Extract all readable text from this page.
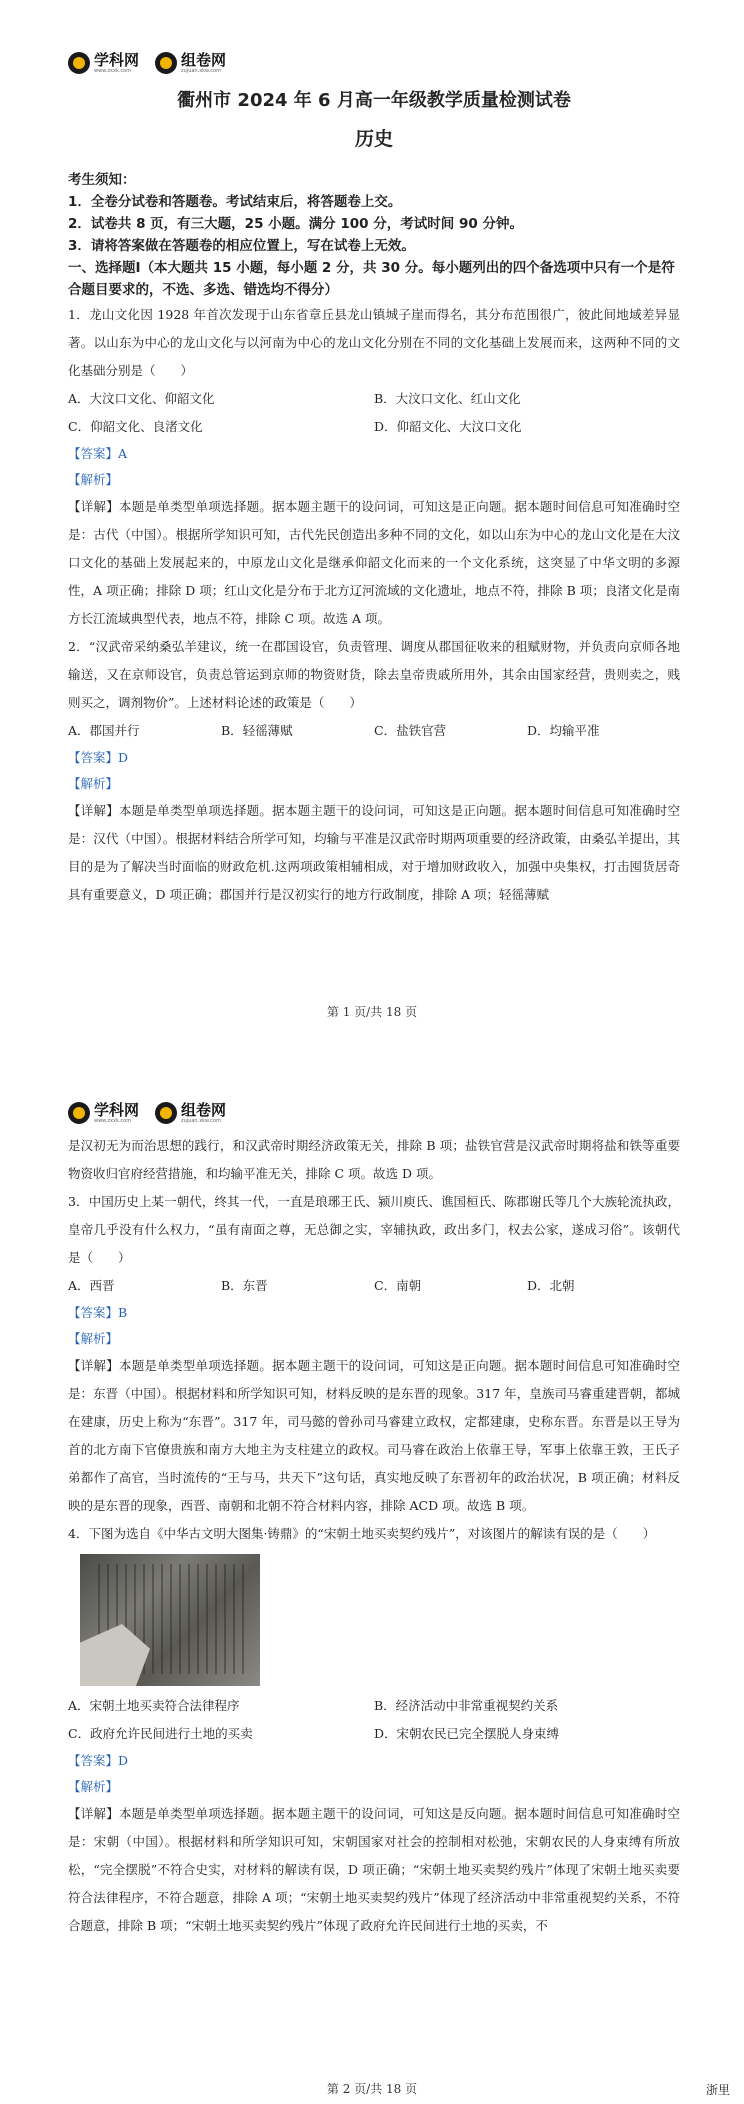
学科网
www.zxxk.com
组卷网
zujuan.xkw.com
衢州市 2024 年 6 月高一年级教学质量检测试卷
历史
考生须知：
1．全卷分试卷和答题卷。考试结束后，将答题卷上交。
2．试卷共 8 页，有三大题，25 小题。满分 100 分，考试时间 90 分钟。
3．请将答案做在答题卷的相应位置上，写在试卷上无效。
一、选择题Ⅰ（本大题共 15 小题，每小题 2 分，共 30 分。每小题列出的四个备选项中只有一个是符合题目要求的，不选、多选、错选均不得分）

1．龙山文化因 1928 年首次发现于山东省章丘县龙山镇城子崖而得名，其分布范围很广，彼此间地域差异显著。以山东为中心的龙山文化与以河南为中心的龙山文化分别在不同的文化基础上发展而来，这两种不同的文化基础分别是（　　）

A．大汶口文化、仰韶文化	B．大汶口文化、红山文化
C．仰韶文化、良渚文化	D．仰韶文化、大汶口文化
【答案】A
【解析】

【详解】本题是单类型单项选择题。据本题主题干的设问词，可知这是正向题。据本题时间信息可知准确时空是：古代（中国）。根据所学知识可知，古代先民创造出多种不同的文化，如以山东为中心的龙山文化是在大汶口文化的基础上发展起来的，中原龙山文化是继承仰韶文化而来的一个文化系统，这突显了中华文明的多源性，A 项正确；排除 D 项；红山文化是分布于北方辽河流域的文化遗址，地点不符，排除 B 项；良渚文化是南方长江流域典型代表，地点不符，排除 C 项。故选 A 项。

2．“汉武帝采纳桑弘羊建议，统一在郡国设官，负责管理、调度从郡国征收来的租赋财物，并负责向京师各地输送，又在京师设官，负责总管运到京师的物资财货，除去皇帝贵戚所用外，其余由国家经营，贵则卖之，贱则买之，调剂物价”。上述材料论述的政策是（　　）

A．郡国并行	B．轻徭薄赋	C．盐铁官营	D．均输平准
【答案】D
【解析】

【详解】本题是单类型单项选择题。据本题主题干的设问词，可知这是正向题。据本题时间信息可知准确时空是：汉代（中国）。根据材料结合所学可知，均输与平准是汉武帝时期两项重要的经济政策，由桑弘羊提出，其目的是为了解决当时面临的财政危机.这两项政策相辅相成，对于增加财政收入，加强中央集权，打击囤货居奇具有重要意义，D 项正确；郡国并行是汉初实行的地方行政制度，排除 A 项；轻徭薄赋

第 1 页/共 18 页
学科网
www.zxxk.com
组卷网
zujuan.xkw.com

是汉初无为而治思想的践行，和汉武帝时期经济政策无关，排除 B 项；盐铁官营是汉武帝时期将盐和铁等重要物资收归官府经营措施，和均输平准无关，排除 C 项。故选 D 项。

3．中国历史上某一朝代，终其一代，一直是琅琊王氏、颍川庾氏、谯国桓氏、陈郡谢氏等几个大族轮流执政，皇帝几乎没有什么权力，“虽有南面之尊，无总御之实，宰辅执政，政出多门，权去公家，遂成习俗”。该朝代是（　　）

A．西晋	B．东晋	C．南朝	D．北朝
【答案】B
【解析】

【详解】本题是单类型单项选择题。据本题主题干的设问词，可知这是正向题。据本题时间信息可知准确时空是：东晋（中国）。根据材料和所学知识可知，材料反映的是东晋的现象。317 年，皇族司马睿重建晋朝，都城在建康，历史上称为“东晋”。317 年，司马懿的曾孙司马睿建立政权，定都建康，史称东晋。东晋是以王导为首的北方南下官僚贵族和南方大地主为支柱建立的政权。司马睿在政治上依靠王导，军事上依靠王敦，王氏子弟都作了高官，当时流传的“王与马，共天下”这句话，真实地反映了东晋初年的政治状况，B 项正确；材料反映的是东晋的现象，西晋、南朝和北朝不符合材料内容，排除 ACD 项。故选 B 项。

4．下图为选自《中华古文明大图集·铸鼎》的“宋朝土地买卖契约残片”，对该图片的解读有误的是（　　）

A．宋朝土地买卖符合法律程序	B．经济活动中非常重视契约关系
C．政府允许民间进行土地的买卖	D．宋朝农民已完全摆脱人身束缚
【答案】D
【解析】

【详解】本题是单类型单项选择题。据本题主题干的设问词，可知这是反向题。据本题时间信息可知准确时空是：宋朝（中国）。根据材料和所学知识可知，宋朝国家对社会的控制相对松弛，宋朝农民的人身束缚有所放松，“完全摆脱”不符合史实，对材料的解读有误，D 项正确；“宋朝土地买卖契约残片”体现了宋朝土地买卖要符合法律程序，不符合题意，排除 A 项；“宋朝土地买卖契约残片”体现了经济活动中非常重视契约关系，不符合题意，排除 B 项；“宋朝土地买卖契约残片”体现了政府允许民间进行土地的买卖，不

第 2 页/共 18 页	浙里
